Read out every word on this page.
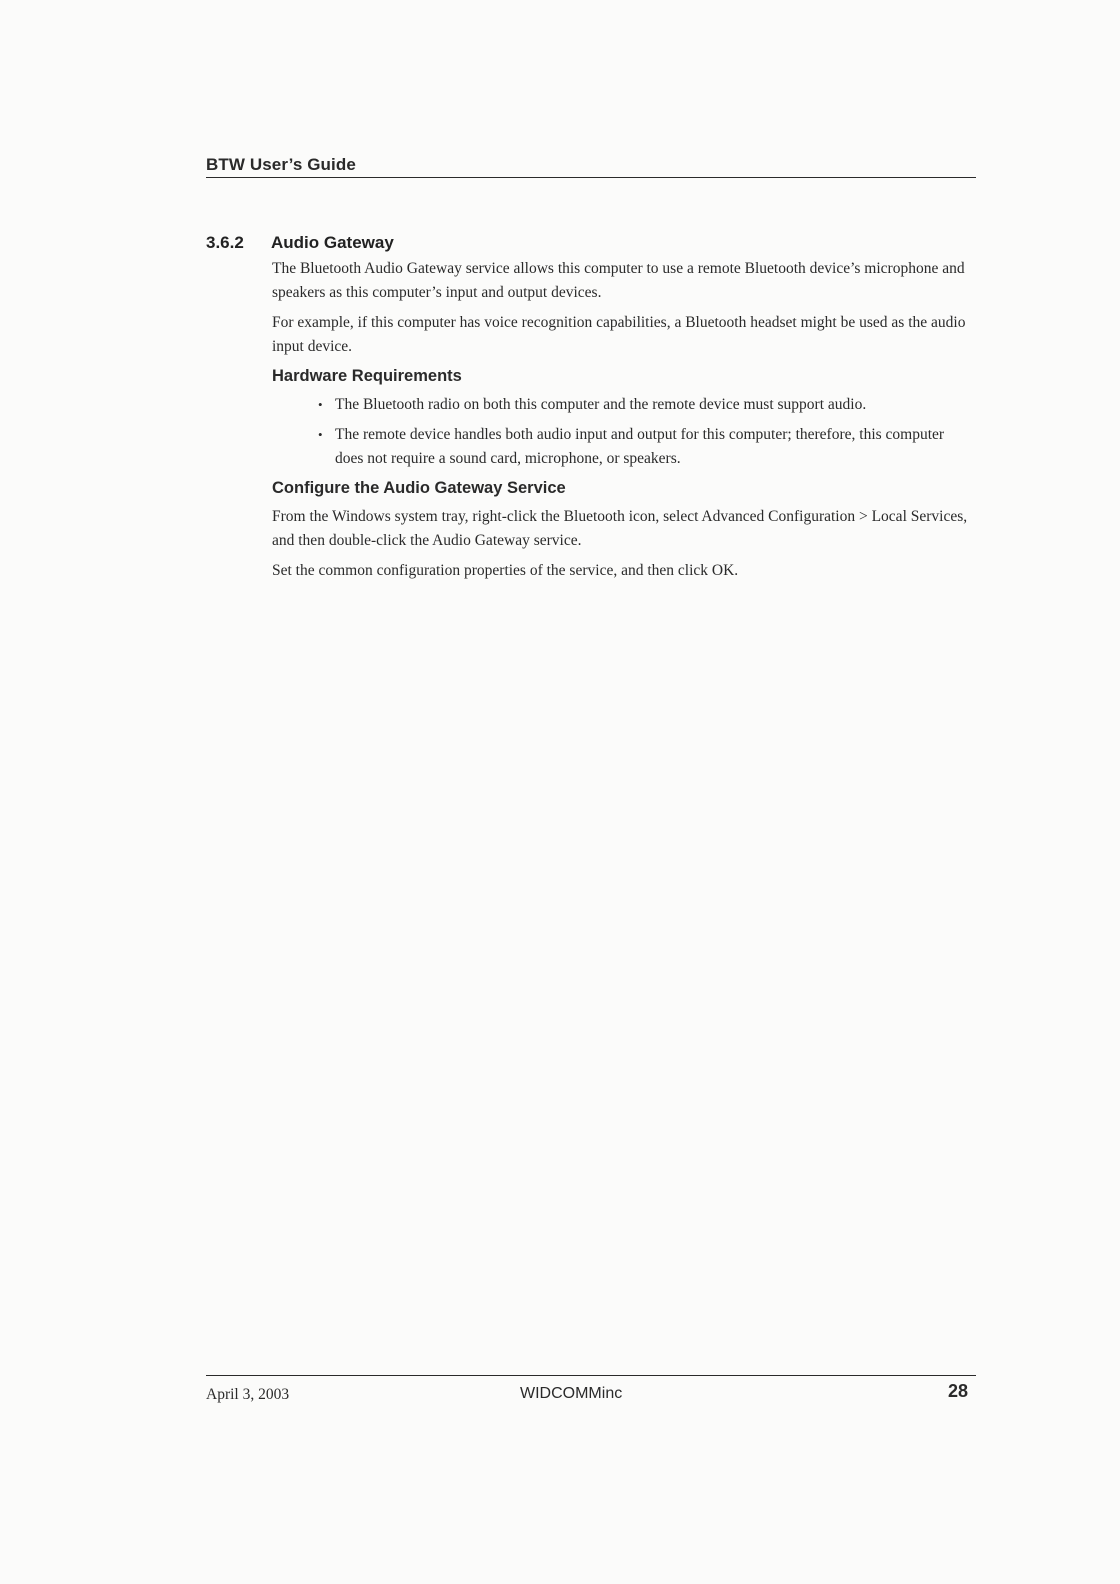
BTW User’s Guide
3.6.2 Audio Gateway

The Bluetooth Audio Gateway service allows this computer to use a remote Bluetooth device’s microphone and speakers as this computer’s input and output devices.

For example, if this computer has voice recognition capabilities, a Bluetooth headset might be used as the audio input device.

Hardware Requirements
• The Bluetooth radio on both this computer and the remote device must support audio.
• The remote device handles both audio input and output for this computer; therefore, this computer does not require a sound card, microphone, or speakers.
Configure the Audio Gateway Service

From the Windows system tray, right-click the Bluetooth icon, select Advanced Configuration > Local Services, and then double-click the Audio Gateway service.

Set the common configuration properties of the service, and then click OK.

April 3, 2003	WIDCOMMinc	28
